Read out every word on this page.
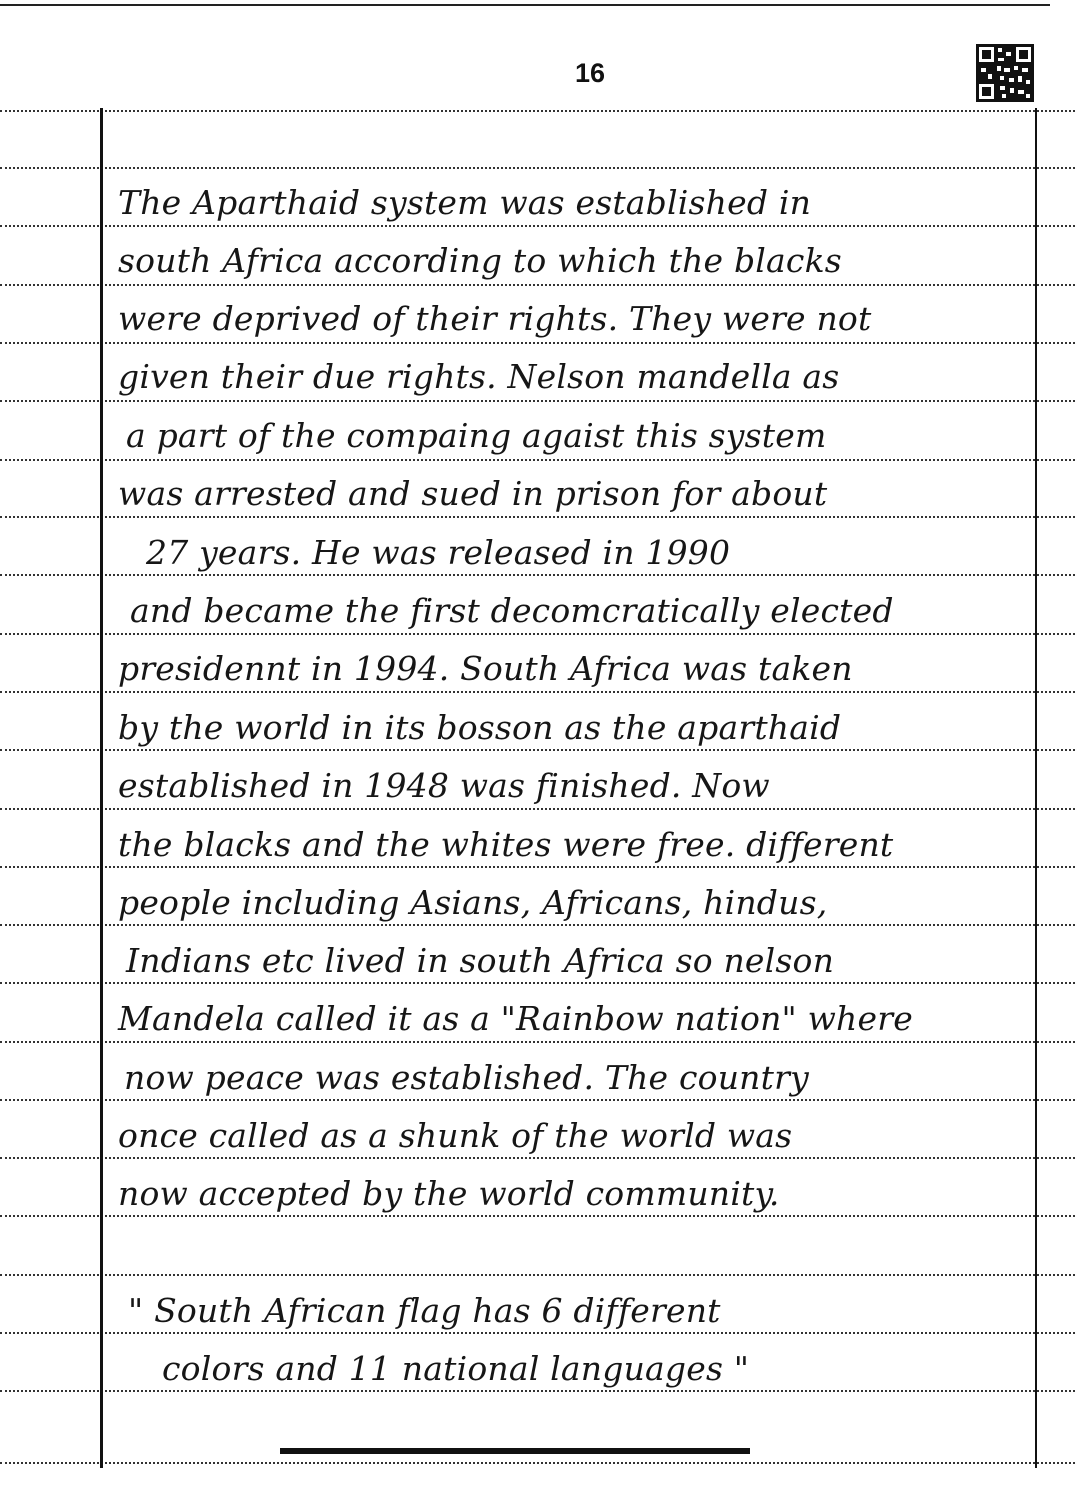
16
The Aparthaid system was established in
south Africa according to which the blacks
were deprived of their rights. They were not
given their due rights. Nelson mandella as
a part of the compaing agaist this system
was arrested and sued in prison for about
27 years. He was released in 1990
and became the first decomcratically elected
presidennt in 1994. South Africa was taken
by the world in its bosson as the aparthaid
established in 1948 was finished. Now
the blacks and the whites were free. different
people including Asians, Africans, hindus,
Indians etc lived in south Africa so nelson
Mandela called it as a "Rainbow nation" where
now peace was established. The country
once called as a shunk of the world was
now accepted by the world community.
" South African flag has 6 different
colors and 11 national languages "
